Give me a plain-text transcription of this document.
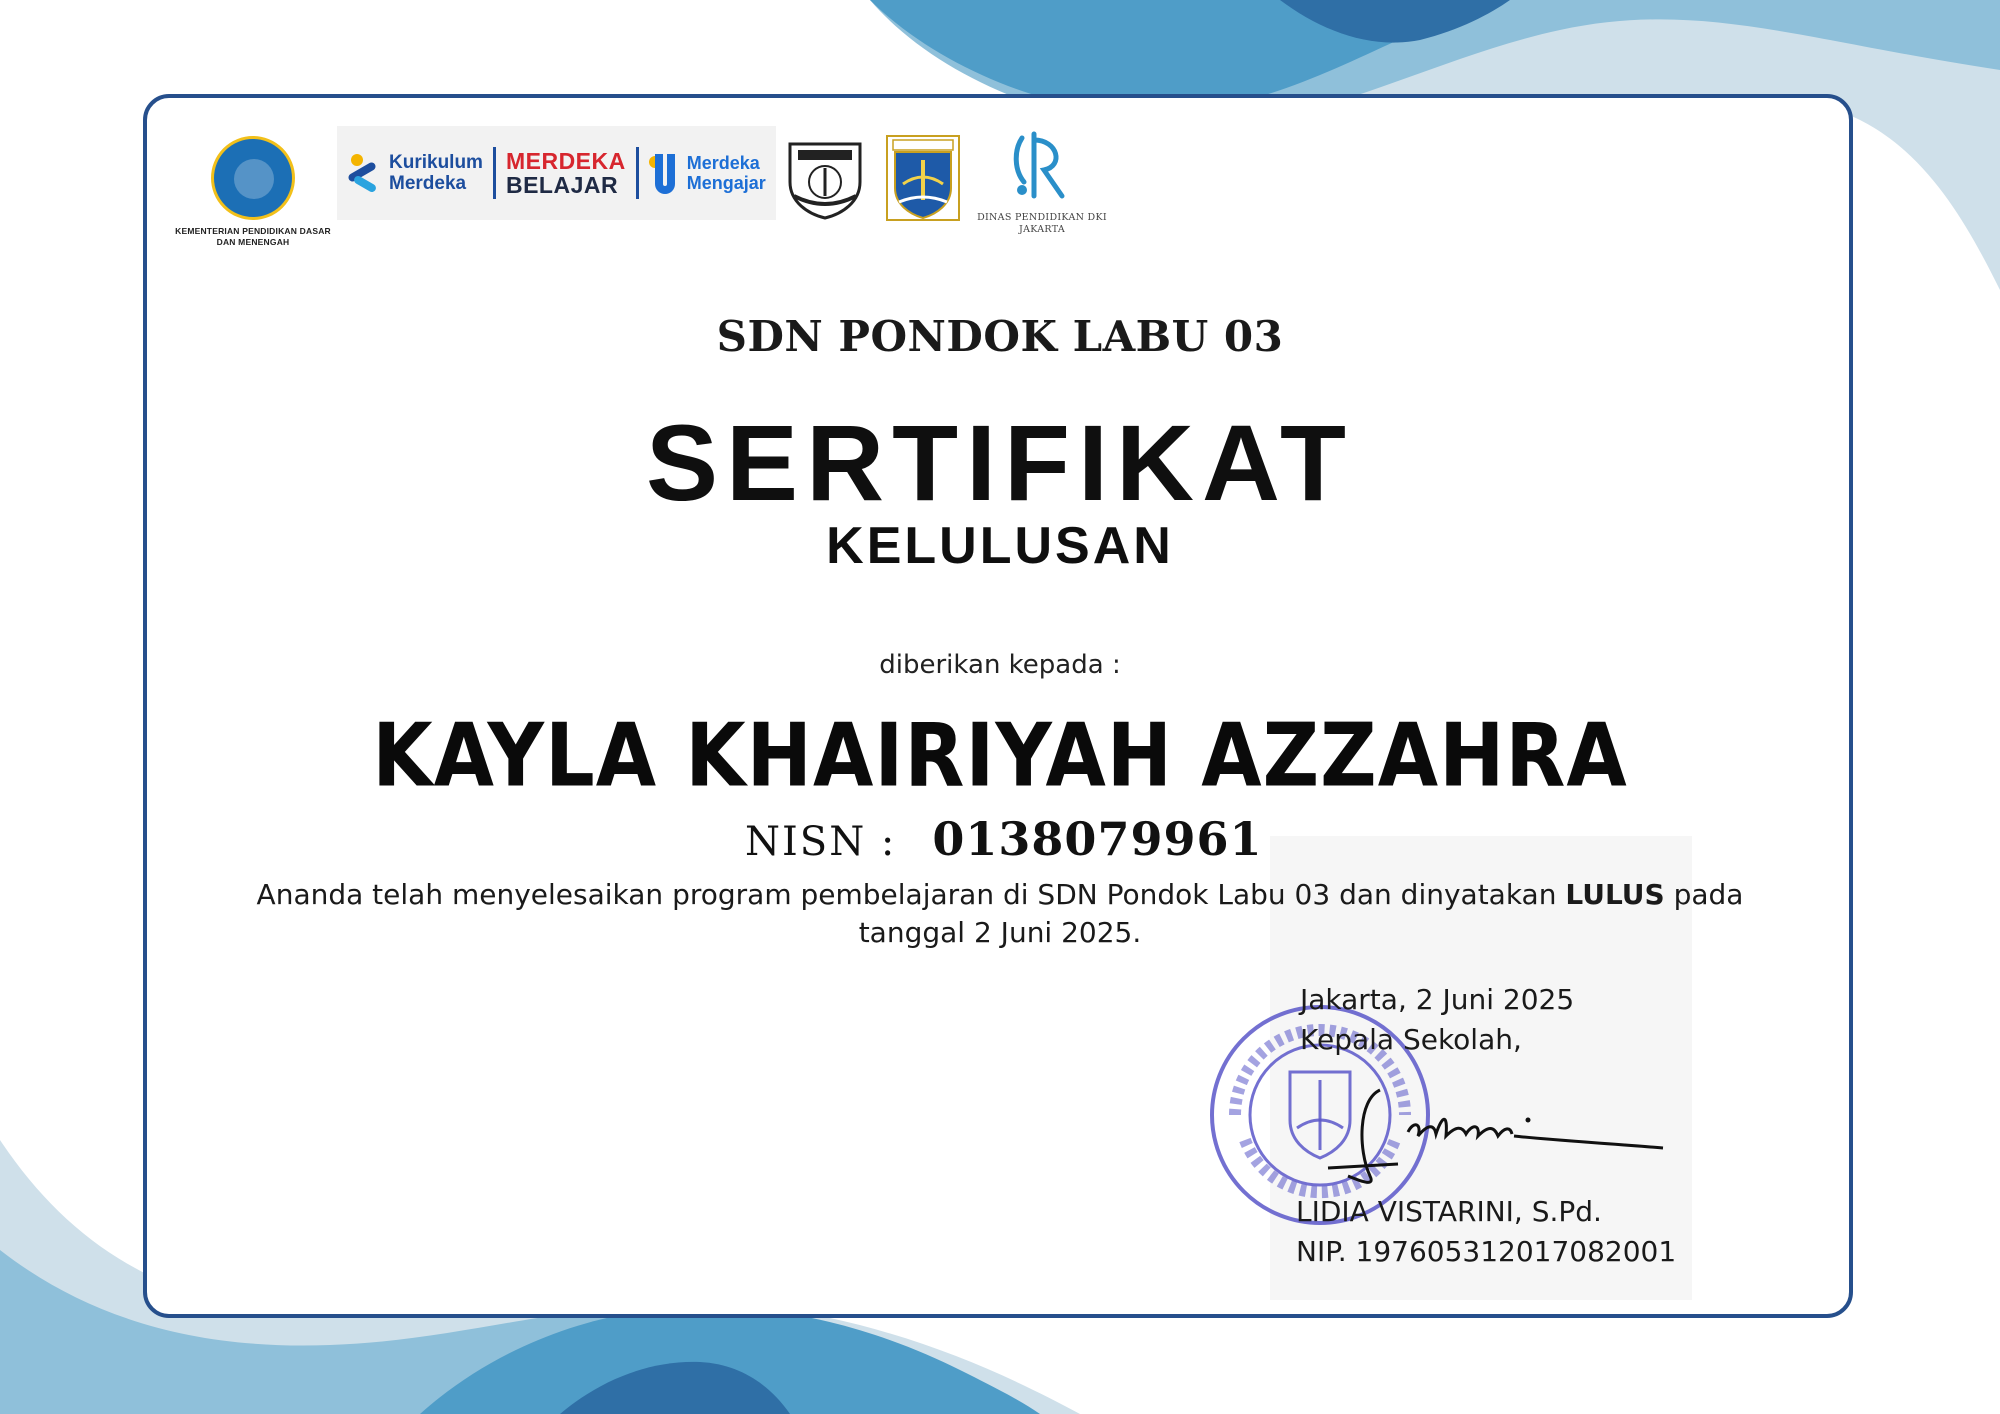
KEMENTERIAN PENDIDIKAN DASAR DAN MENENGAH
Kurikulum
Merdeka
MERDEKA
BELAJAR
Merdeka
Mengajar
DINAS PENDIDIKAN DKI JAKARTA
SDN PONDOK LABU 03
SERTIFIKAT
KELULUSAN
diberikan kepada :
KAYLA KHAIRIYAH AZZAHRA
NISN : 0138079961
Ananda telah menyelesaikan program pembelajaran di SDN Pondok Labu 03 dan dinyatakan LULUS pada tanggal 2 Juni 2025.
Jakarta, 2 Juni 2025
Kepala Sekolah,
LIDIA VISTARINI, S.Pd.
NIP. 197605312017082001
